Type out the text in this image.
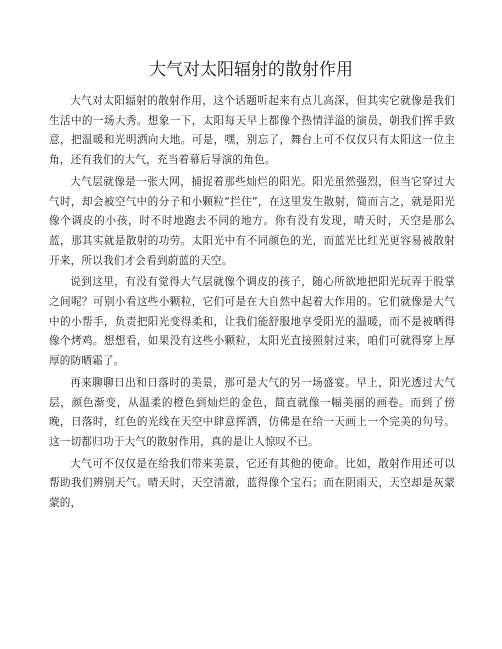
大气对太阳辐射的散射作用

大气对太阳辐射的散射作用，这个话题听起来有点儿高深，但其实它就像是我们生活中的一场大秀。想象一下，太阳每天早上都像个热情洋溢的演员，朝我们挥手致意，把温暖和光明洒向大地。可是，嘿，别忘了，舞台上可不仅仅只有太阳这一位主角，还有我们的大气，充当着幕后导演的角色。

大气层就像是一张大网，捕捉着那些灿烂的阳光。阳光虽然强烈，但当它穿过大气时，却会被空气中的分子和小颗粒“拦住”，在这里发生散射，简而言之，就是阳光像个调皮的小孩，时不时地跑去不同的地方。你有没有发现，晴天时，天空是那么蓝，那其实就是散射的功劳。太阳光中有不同颜色的光，而蓝光比红光更容易被散射开来，所以我们才会看到蔚蓝的天空。

说到这里，有没有觉得大气层就像个调皮的孩子，随心所欲地把阳光玩弄于股掌之间呢？可别小看这些小颗粒，它们可是在大自然中起着大作用的。它们就像是大气中的小帮手，负责把阳光变得柔和，让我们能舒服地享受阳光的温暖，而不是被晒得像个烤鸡。想想看，如果没有这些小颗粒，太阳光直接照射过来，咱们可就得穿上厚厚的防晒霜了。

再来聊聊日出和日落时的美景，那可是大气的另一场盛宴。早上，阳光透过大气层，颜色渐变，从温柔的橙色到灿烂的金色，简直就像一幅美丽的画卷。而到了傍晚，日落时，红色的光线在天空中肆意挥洒，仿佛是在给一天画上一个完美的句号。这一切都归功于大气的散射作用，真的是让人惊叹不已。

大气可不仅仅是在给我们带来美景，它还有其他的使命。比如，散射作用还可以帮助我们辨别天气。晴天时，天空清澈，蓝得像个宝石；而在阴雨天，天空却是灰蒙蒙的，
